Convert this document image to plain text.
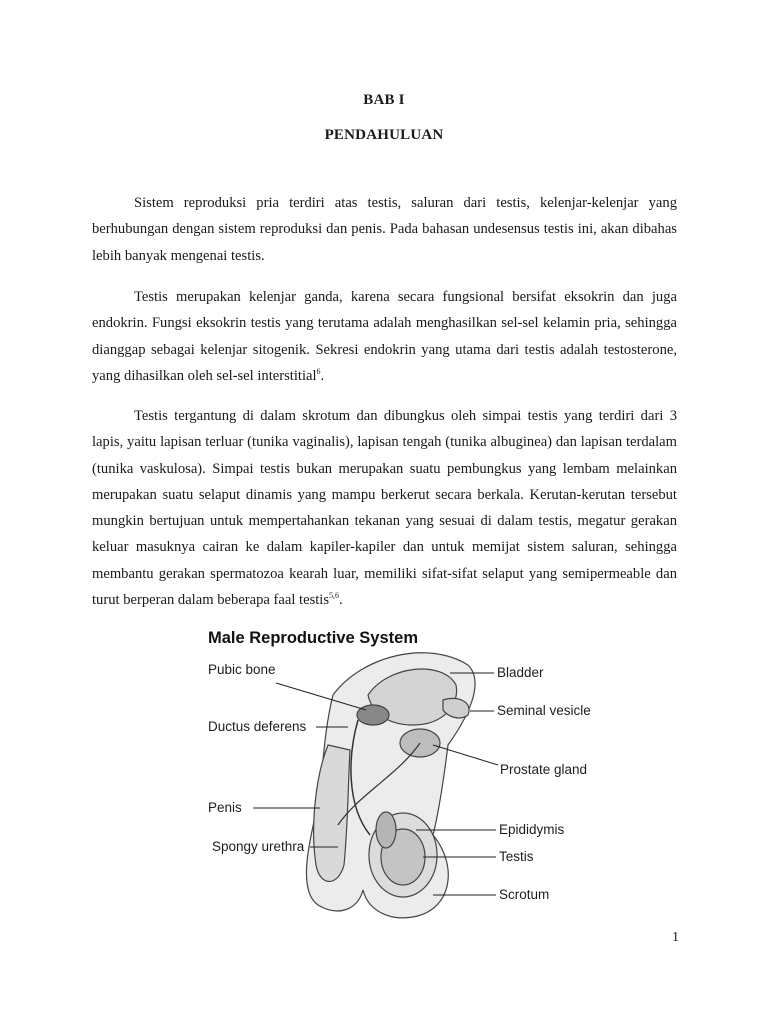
BAB I
PENDAHULUAN

Sistem reproduksi pria terdiri atas testis, saluran dari testis, kelenjar-kelenjar yang berhubungan dengan sistem reproduksi dan penis. Pada bahasan undesensus testis ini, akan dibahas lebih banyak mengenai testis.

Testis merupakan kelenjar ganda, karena secara fungsional bersifat eksokrin dan juga endokrin. Fungsi eksokrin testis yang terutama adalah menghasilkan sel-sel kelamin pria, sehingga dianggap sebagai kelenjar sitogenik. Sekresi endokrin yang utama dari testis adalah testosterone, yang dihasilkan oleh sel-sel interstitial$^6$.

Testis tergantung di dalam skrotum dan dibungkus oleh simpai testis yang terdiri dari 3 lapis, yaitu lapisan terluar (tunika vaginalis), lapisan tengah (tunika albuginea) dan lapisan terdalam (tunika vaskulosa). Simpai testis bukan merupakan suatu pembungkus yang lembam melainkan merupakan suatu selaput dinamis yang mampu berkerut secara berkala. Kerutan-kerutan tersebut mungkin bertujuan untuk mempertahankan tekanan yang sesuai di dalam testis, megatur gerakan keluar masuknya cairan ke dalam kapiler-kapiler dan untuk memijat sistem saluran, sehingga membantu gerakan spermatozoa kearah luar, memiliki sifat-sifat selaput yang semipermeable dan turut berperan dalam beberapa faal testis$^{5,6}$.

Male Reproductive System
Pubic bone
Ductus deferens
Penis
Spongy urethra
Bladder
Seminal vesicle
Prostate gland
Epididymis
Testis
Scrotum
1
